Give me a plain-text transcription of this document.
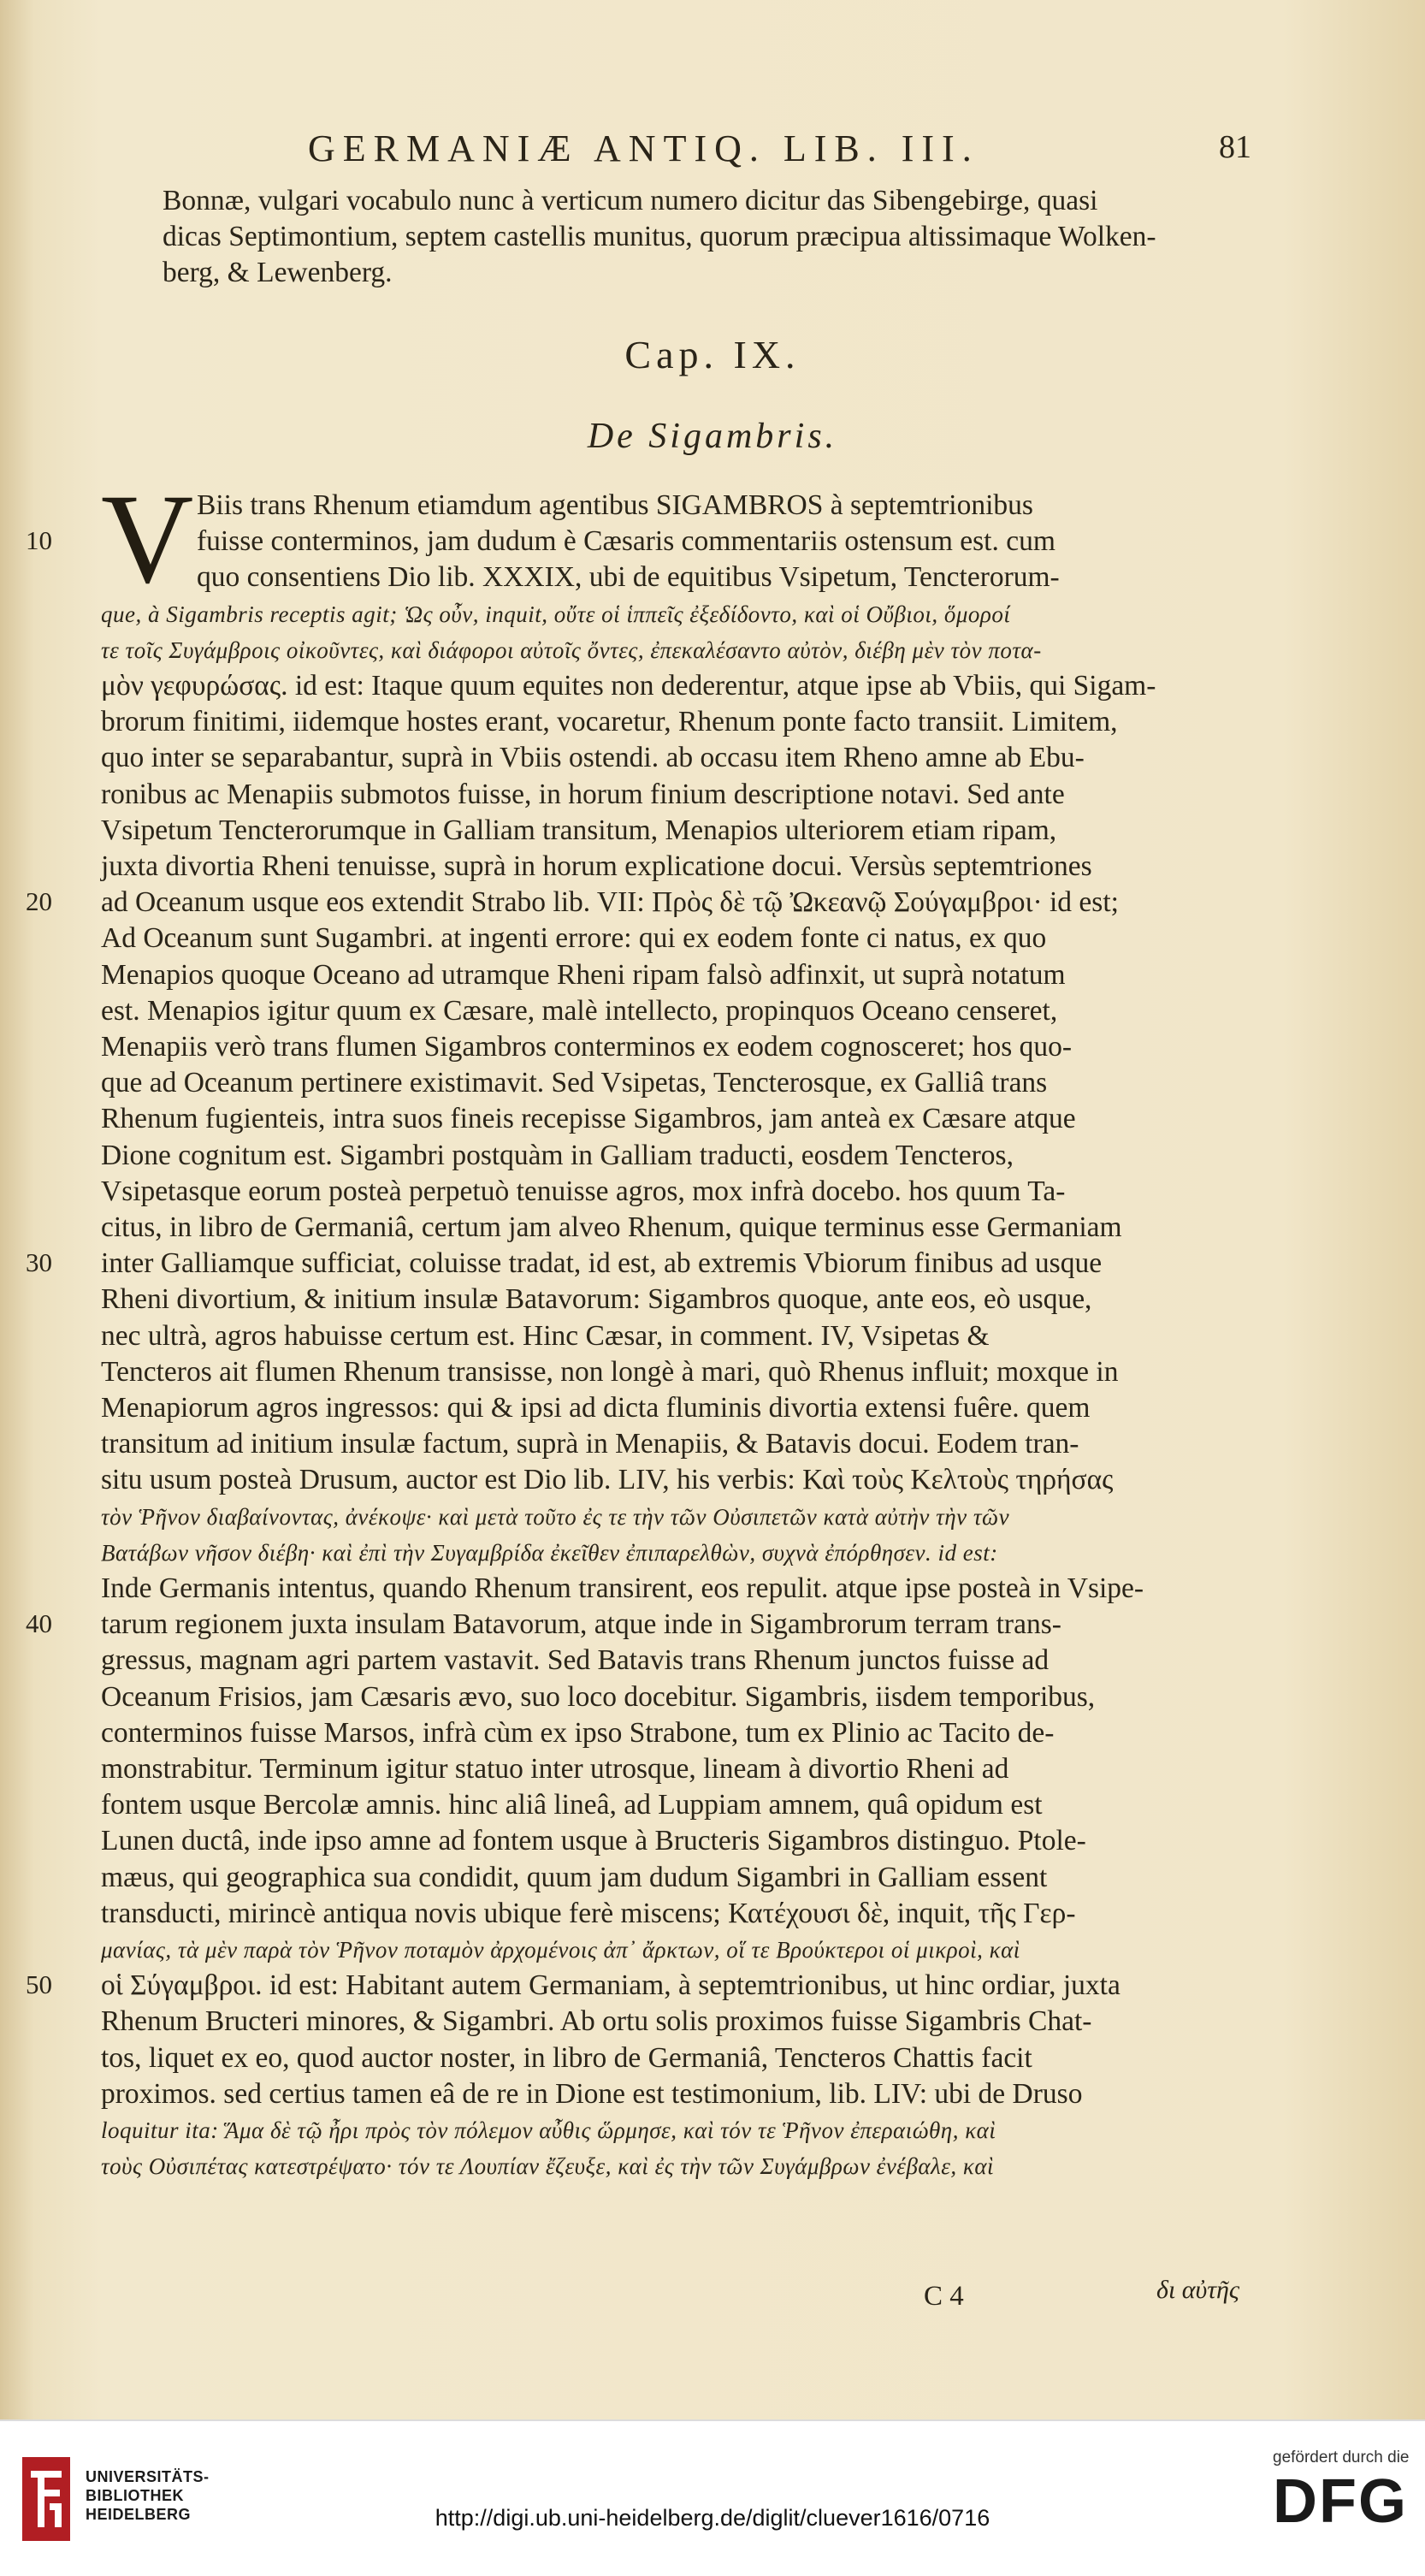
GERMANIÆ ANTIQ. LIB. III.	81
Bonnæ, vulgari vocabulo nunc à verticum numero dicitur das Sibengebirge, quasi
dicas Septimontium, septem castellis munitus, quorum præcipua altissimaque Wolken-
berg, & Lewenberg.
Cap. IX.
De Sigambris.
V Biis trans Rhenum etiamdum agentibus SIGAMBROS à septemtrionibus
fuisse conterminos, jam dudum è Cæsaris commentariis ostensum est. cum
quo consentiens Dio lib. XXXIX, ubi de equitibus Vsipetum, Tencterorum-
que, à Sigambris receptis agit; Ὡς οὖν, inquit, οὔτε οἱ ἱππεῖς ἐξεδίδοντο, καὶ οἱ Οὔβιοι, ὅμοροί
τε τοῖς Συγάμβροις οἰκοῦντες, καὶ διάφοροι αὐτοῖς ὄντες, ἐπεκαλέσαντο αὐτὸν, διέβη μὲν τὸν ποτα-
μὸν γεφυρώσας. id est: Itaque quum equites non dederentur, atque ipse ab Vbiis, qui Sigam-
brorum finitimi, iidemque hostes erant, vocaretur, Rhenum ponte facto transiit. Limitem,
quo inter se separabantur, suprà in Vbiis ostendi. ab occasu item Rheno amne ab Ebu-
ronibus ac Menapiis submotos fuisse, in horum finium descriptione notavi. Sed ante
Vsipetum Tencterorumque in Galliam transitum, Menapios ulteriorem etiam ripam,
juxta divortia Rheni tenuisse, suprà in horum explicatione docui. Versùs septemtriones
ad Oceanum usque eos extendit Strabo lib. VII: Πρὸς δὲ τῷ Ὠκεανῷ Σούγαμβροι· id est;
Ad Oceanum sunt Sugambri. at ingenti errore: qui ex eodem fonte ci natus, ex quo
Menapios quoque Oceano ad utramque Rheni ripam falsò adfinxit, ut suprà notatum
est. Menapios igitur quum ex Cæsare, malè intellecto, propinquos Oceano censeret,
Menapiis verò trans flumen Sigambros conterminos ex eodem cognosceret; hos quo-
que ad Oceanum pertinere existimavit. Sed Vsipetas, Tencterosque, ex Galliâ trans
Rhenum fugienteis, intra suos fineis recepisse Sigambros, jam anteà ex Cæsare atque
Dione cognitum est. Sigambri postquàm in Galliam traducti, eosdem Tencteros,
Vsipetasque eorum posteà perpetuò tenuisse agros, mox infrà docebo. hos quum Ta-
citus, in libro de Germaniâ, certum jam alveo Rhenum, quique terminus esse Germaniam
inter Galliamque sufficiat, coluisse tradat, id est, ab extremis Vbiorum finibus ad usque
Rheni divortium, & initium insulæ Batavorum: Sigambros quoque, ante eos, eò usque,
nec ultrà, agros habuisse certum est. Hinc Cæsar, in comment. IV, Vsipetas &
Tencteros ait flumen Rhenum transisse, non longè à mari, quò Rhenus influit; moxque in
Menapiorum agros ingressos: qui & ipsi ad dicta fluminis divortia extensi fuêre. quem
transitum ad initium insulæ factum, suprà in Menapiis, & Batavis docui. Eodem tran-
situ usum posteà Drusum, auctor est Dio lib. LIV, his verbis: Καὶ τοὺς Κελτοὺς τηρήσας
τὸν Ῥῆνον διαβαίνοντας, ἀνέκοψε· καὶ μετὰ τοῦτο ἐς τε τὴν τῶν Οὐσιπετῶν κατὰ αὐτὴν τὴν τῶν
Βατάβων νῆσον διέβη· καὶ ἐπὶ τὴν Συγαμβρίδα ἐκεῖθεν ἐπιπαρελθὼν, συχνὰ ἐπόρθησεν. id est:
Inde Germanis intentus, quando Rhenum transirent, eos repulit. atque ipse posteà in Vsipe-
tarum regionem juxta insulam Batavorum, atque inde in Sigambrorum terram trans-
gressus, magnam agri partem vastavit. Sed Batavis trans Rhenum junctos fuisse ad
Oceanum Frisios, jam Cæsaris ævo, suo loco docebitur. Sigambris, iisdem temporibus,
conterminos fuisse Marsos, infrà cùm ex ipso Strabone, tum ex Plinio ac Tacito de-
monstrabitur. Terminum igitur statuo inter utrosque, lineam à divortio Rheni ad
fontem usque Bercolæ amnis. hinc aliâ lineâ, ad Luppiam amnem, quâ opidum est
Lunen ductâ, inde ipso amne ad fontem usque à Bructeris Sigambros distinguo. Ptole-
mæus, qui geographica sua condidit, quum jam dudum Sigambri in Galliam essent
transducti, mirincè antiqua novis ubique ferè miscens; Κατέχουσι δὲ, inquit, τῆς Γερ-
μανίας, τὰ μὲν παρὰ τὸν Ῥῆνον ποταμὸν ἀρχομένοις ἀπ᾿ ἄρκτων, οἵ τε Βρούκτεροι οἱ μικροὶ, καὶ
οἱ Σύγαμβροι. id est: Habitant autem Germaniam, à septemtrionibus, ut hinc ordiar, juxta
Rhenum Bructeri minores, & Sigambri. Ab ortu solis proximos fuisse Sigambris Chat-
tos, liquet ex eo, quod auctor noster, in libro de Germaniâ, Tencteros Chattis facit
proximos. sed certius tamen eâ de re in Dione est testimonium, lib. LIV: ubi de Druso
loquitur ita: Ἅμα δὲ τῷ ἦρι πρὸς τὸν πόλεμον αὖθις ὥρμησε, καὶ τόν τε Ῥῆνον ἐπεραιώθη, καὶ
τοὺς Οὐσιπέτας κατεστρέψατο· τόν τε Λουπίαν ἔζευξε, καὶ ἐς τὴν τῶν Συγάμβρων ἐνέβαλε, καὶ
C 4	δι αὐτῆς
10
20
30
40
50
UNIVERSITÄTS-
BIBLIOTHEK
HEIDELBERG	http://digi.ub.uni-heidelberg.de/diglit/cluever1616/0716
gefördert durch die
DFG
